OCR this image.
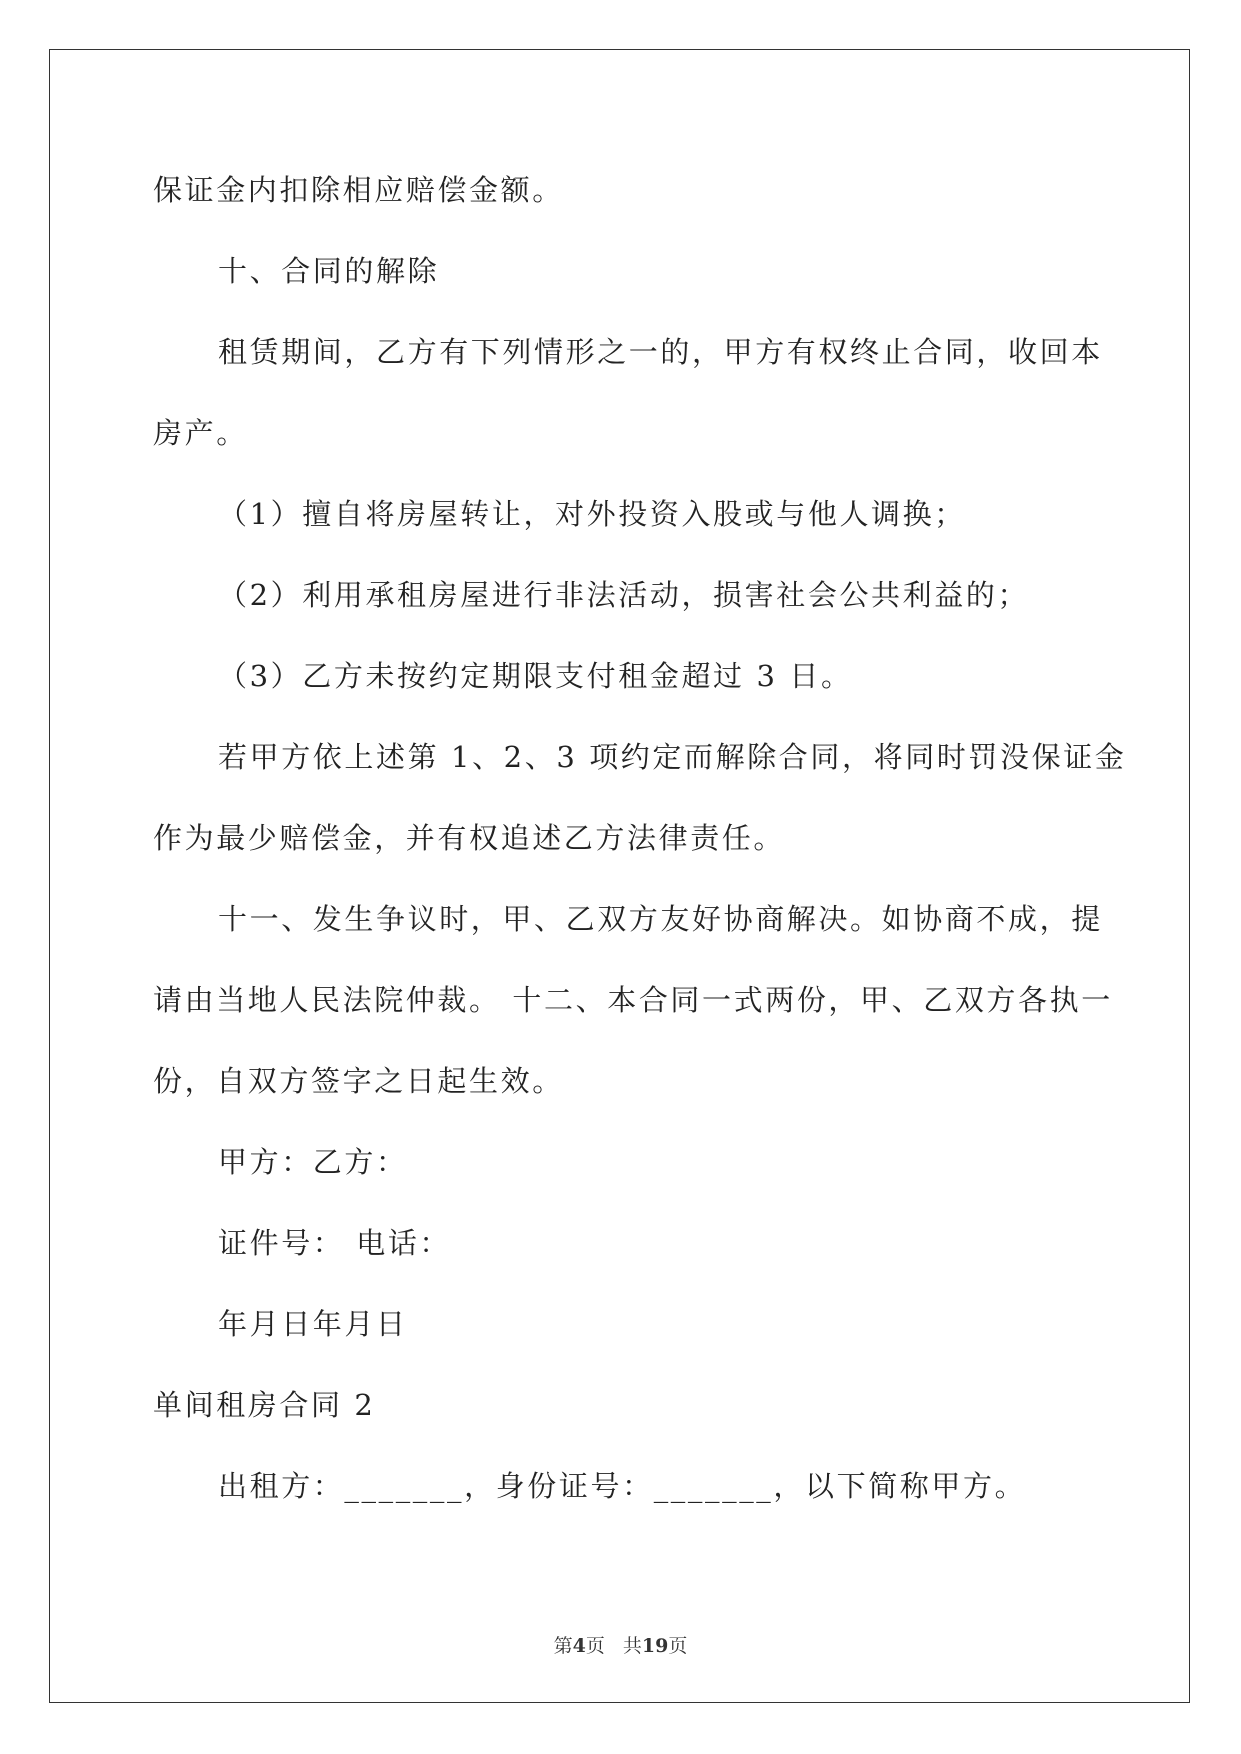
保证金内扣除相应赔偿金额。
十、合同的解除
租赁期间，乙方有下列情形之一的，甲方有权终止合同，收回本
房产。
（1）擅自将房屋转让，对外投资入股或与他人调换；
（2）利用承租房屋进行非法活动，损害社会公共利益的；
（3）乙方未按约定期限支付租金超过 3 日。
若甲方依上述第 1、2、3 项约定而解除合同，将同时罚没保证金
作为最少赔偿金，并有权追述乙方法律责任。
十一、发生争议时，甲、乙双方友好协商解决。如协商不成，提
请由当地人民法院仲裁。 十二、本合同一式两份，甲、乙双方各执一
份，自双方签字之日起生效。
甲方：乙方：
证件号： 电话：
年月日年月日
单间租房合同 2
出租方：_______，身份证号：_______，以下简称甲方。
第4页 共19页
